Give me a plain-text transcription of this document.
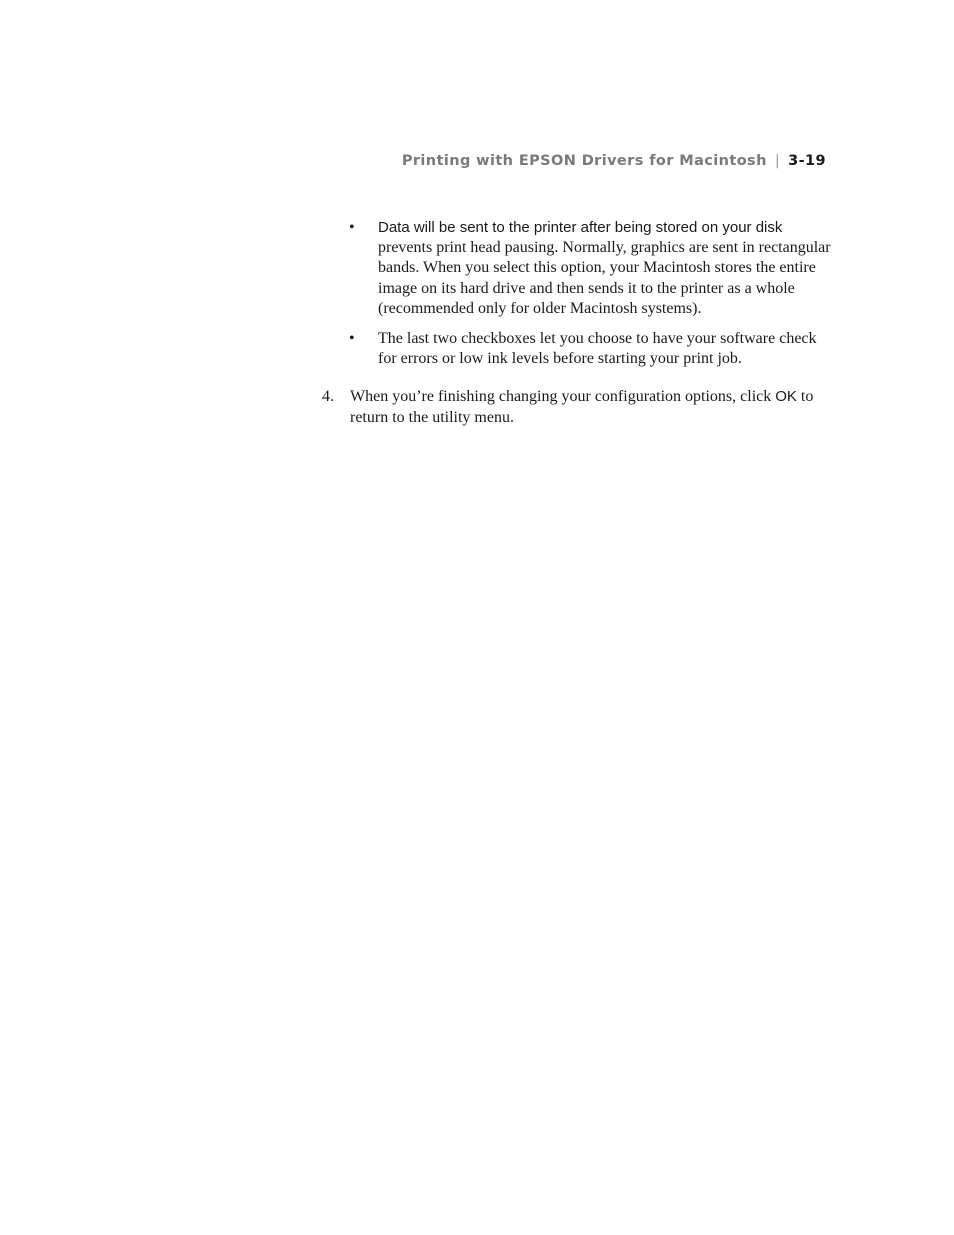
Printing with EPSON Drivers for Macintosh | 3-19
• Data will be sent to the printer after being stored on your disk prevents print head pausing. Normally, graphics are sent in rectangular bands. When you select this option, your Macintosh stores the entire image on its hard drive and then sends it to the printer as a whole (recommended only for older Macintosh systems).
• The last two checkboxes let you choose to have your software check for errors or low ink levels before starting your print job.
4. When you’re finishing changing your configuration options, click OK to return to the utility menu.
